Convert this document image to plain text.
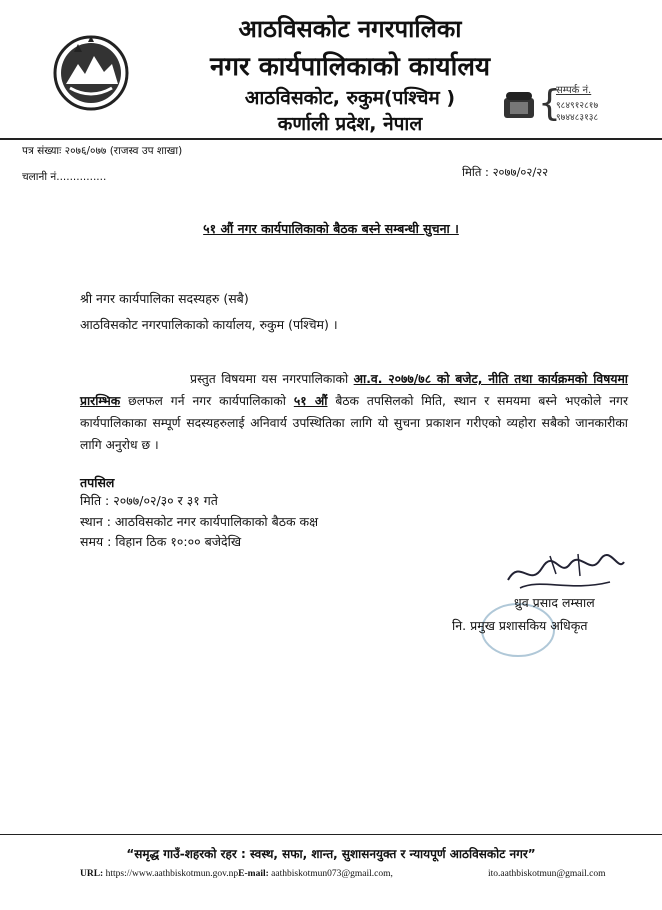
आठविसकोट नगरपालिका
नगर कार्यपालिकाको कार्यालय
आठविसकोट, रुकुम(पश्चिम )
कर्णाली प्रदेश, नेपाल	{
सम्पर्क नं.
९८४९१२८१७
९७४४८३१३८
पत्र संख्याः २०७६/०७७ (राजस्व उप शाखा)
चलानी नं...............	मिति : २०७७/०२/२२
५१ औं नगर कार्यपालिकाको बैठक बस्ने सम्बन्धी सुचना ।
श्री नगर कार्यपालिका सदस्यहरु (सबै)
आठविसकोट नगरपालिकाको कार्यालय, रुकुम (पश्चिम) ।
प्रस्तुत विषयमा यस नगरपालिकाको आ.व. २०७७/७८ को बजेट, नीति तथा कार्यक्रमको विषयमा प्रारम्भिक छलफल गर्न नगर कार्यपालिकाको ५१ औं बैठक तपसिलको मिति, स्थान र समयमा बस्ने भएकोले नगर कार्यपालिकाका सम्पूर्ण सदस्यहरुलाई अनिवार्य उपस्थितिका लागि यो सुचना प्रकाशन गरीएको व्यहोरा सबैको जानकारीका लागि अनुरोध छ ।
तपसिल
मिति : २०७७/०२/३० र ३१ गते
स्थान : आठविसकोट नगर कार्यपालिकाको बैठक कक्ष
समय : विहान ठिक १०:०० बजेदेखि
ध्रुव प्रसाद लम्साल
नि. प्रमुख प्रशासकिय अधिकृत
“समृद्ध गाउँ-शहरको रहर : स्वस्थ, सफा, शान्त, सुशासनयुक्त र न्यायपूर्ण आठविसकोट नगर”
URL: https://www.aathbiskotmun.gov.npE-mail: aathbiskotmun073@gmail.com,	ito.aathbiskotmun@gmail.com
